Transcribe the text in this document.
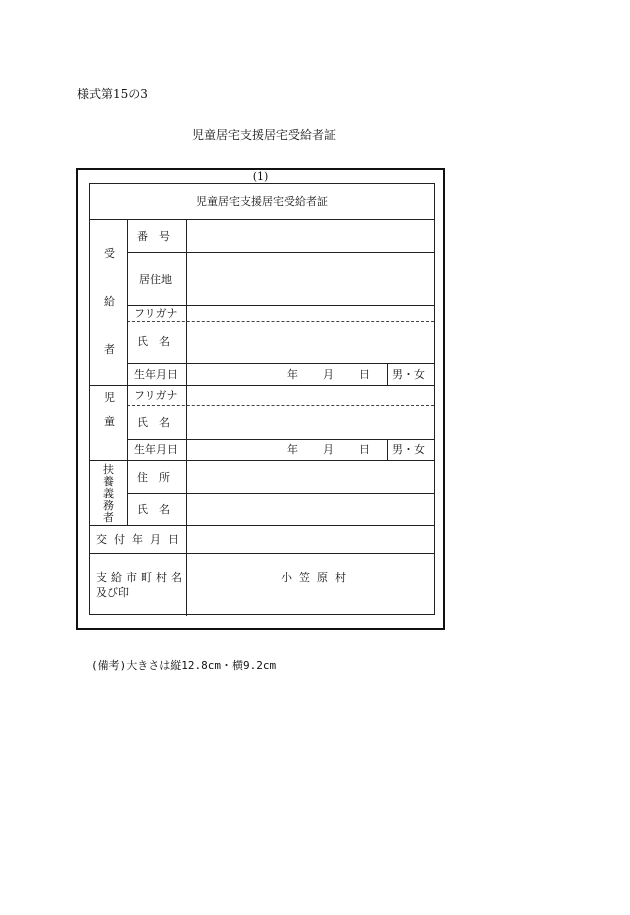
様式第15の3
児童居宅支援居宅受給者証
(1)
児童居宅支援居宅受給者証
受
給
者
番　号
居住地
フリガナ
氏　名
生年月日	年 月 日 男・女
児
童
フリガナ
氏　名
生年月日	年 月 日 男・女
扶
養
義
務
者
住　所
氏　名
交付年月日
支給市町村名
及び印
小笠原村
(備考)大きさは縦12.8cm・横9.2cm
